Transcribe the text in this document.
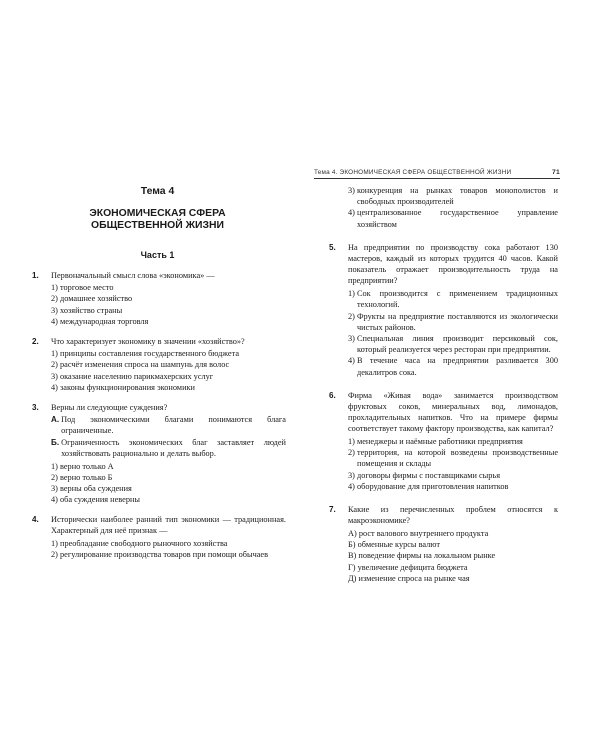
Тема 4. ЭКОНОМИЧЕСКАЯ СФЕРА ОБЩЕСТВЕННОЙ ЖИЗНИ	71
Тема 4
ЭКОНОМИЧЕСКАЯ СФЕРА
ОБЩЕСТВЕННОЙ ЖИЗНИ
Часть 1
1.	Первоначальный смысл слова «экономика» —
1)
торговое место
2)
домашнее хозяйство
3)
хозяйство страны
4)
международная торговля
2.	Что характеризует экономику в значении «хозяйство»?
1)
принципы составления государственного бюджета
2)
расчёт изменения спроса на шампунь для волос
3)
оказание населению парикмахерских услуг
4)
законы функционирования экономики
3.	Верны ли следующие суждения?
А. Под экономическими благами понимаются блага ограниченные.
Б. Ограниченность экономических благ заставляет людей хозяйствовать рационально и делать выбор.
1)
верно только А
2)
верно только Б
3)
верны оба суждения
4)
оба суждения неверны
4.	Исторически наиболее ранний тип экономики — традиционная. Характерный для неё признак —
1)
преобладание свободного рыночного хозяйства
2)
регулирование производства товаров при помощи обычаев
3)
конкуренция на рынках товаров монополистов и свободных производителей
4)
централизованное государственное управление хозяйством
5.	На предприятии по производству сока работают 130 мастеров, каждый из которых трудится 40 часов. Какой показатель отражает производительность труда на предприятии?
1)
Сок производится с применением традиционных технологий.
2)
Фрукты на предприятие поставляются из экологически чистых районов.
3)
Специальная линия производит персиковый сок, который реализуется через ресторан при предприятии.
4)
В течение часа на предприятии разливается 300 декалитров сока.
6.	Фирма «Живая вода» занимается производством фруктовых соков, минеральных вод, лимонадов, прохладительных напитков. Что на примере фирмы соответствует такому фактору производства, как капитал?
1)
менеджеры и наёмные работники предприятия
2)
территория, на которой возведены производственные помещения и склады
3)
договоры фирмы с поставщиками сырья
4)
оборудование для приготовления напитков
7.	Какие из перечисленных проблем относятся к макроэкономике?
А)
рост валового внутреннего продукта
Б)
обменные курсы валют
В)
поведение фирмы на локальном рынке
Г)
увеличение дефицита бюджета
Д)
изменение спроса на рынке чая
